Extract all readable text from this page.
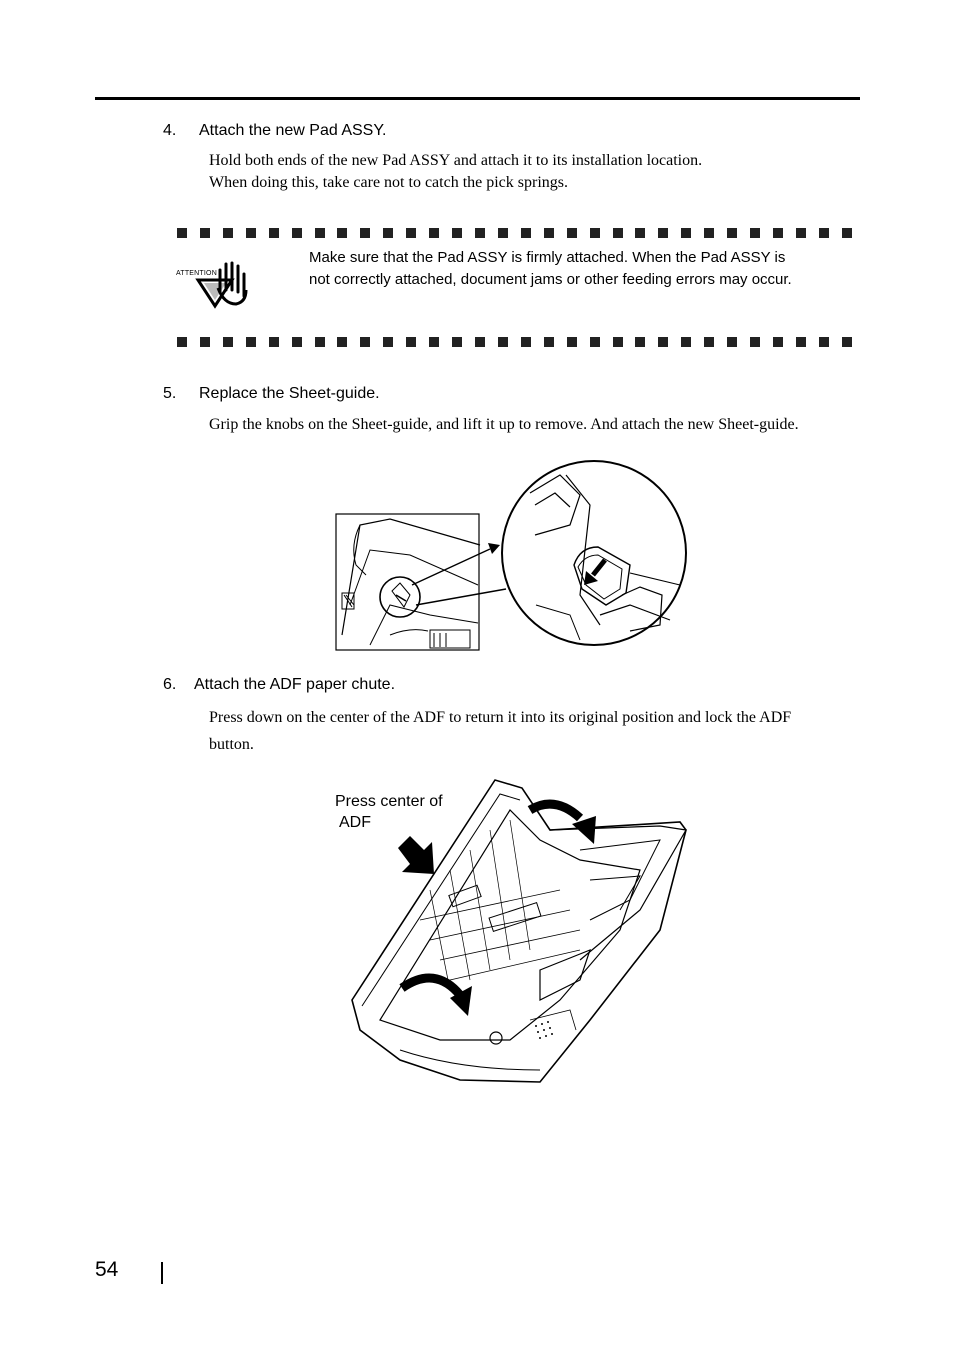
4. Attach the new Pad ASSY.
Hold both ends of the new Pad ASSY and attach it to its installation location.
When doing this, take care not to catch the pick springs.
ATTENTION
Make sure that the Pad ASSY is firmly attached. When the Pad ASSY is
not correctly attached, document jams or other feeding errors may occur.
5. Replace the Sheet-guide.
Grip the knobs on the Sheet-guide, and lift it up to remove. And attach the new Sheet-guide.
6. Attach the ADF paper chute.
Press down on the center of the ADF to return it into its original position and lock the ADF
button.
Press center of
ADF
54
